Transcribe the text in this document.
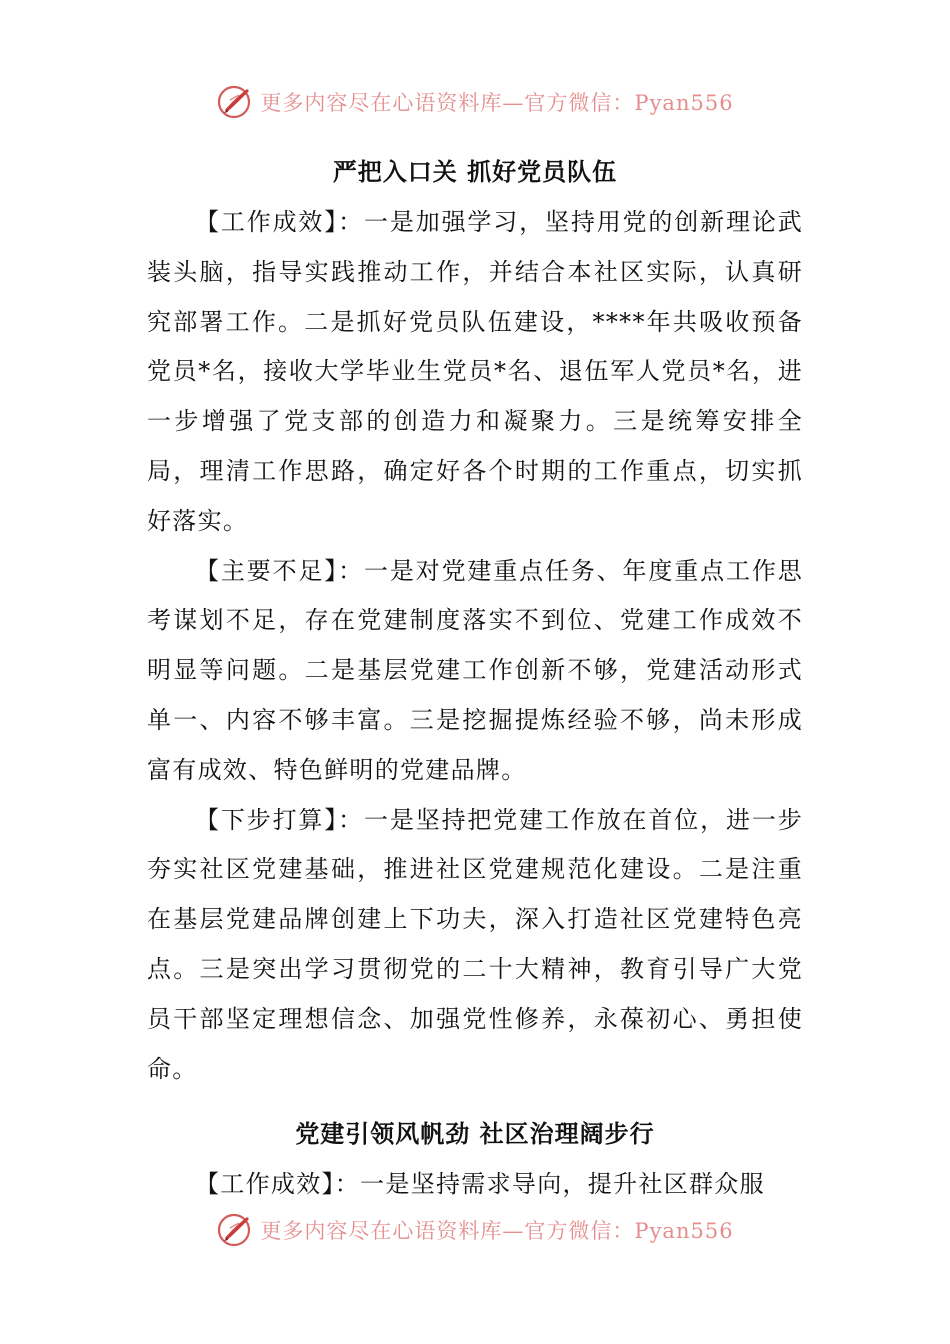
更多内容尽在心语资料库—官方微信：Pyan556
严把入口关 抓好党员队伍

【工作成效】：一是加强学习，坚持用党的创新理论武装头脑，指导实践推动工作，并结合本社区实际，认真研究部署工作。二是抓好党员队伍建设，****年共吸收预备党员*名，接收大学毕业生党员*名、退伍军人党员*名，进一步增强了党支部的创造力和凝聚力。三是统筹安排全局，理清工作思路，确定好各个时期的工作重点，切实抓好落实。

【主要不足】：一是对党建重点任务、年度重点工作思考谋划不足，存在党建制度落实不到位、党建工作成效不明显等问题。二是基层党建工作创新不够，党建活动形式单一、内容不够丰富。三是挖掘提炼经验不够，尚未形成富有成效、特色鲜明的党建品牌。

【下步打算】：一是坚持把党建工作放在首位，进一步夯实社区党建基础，推进社区党建规范化建设。二是注重在基层党建品牌创建上下功夫，深入打造社区党建特色亮点。三是突出学习贯彻党的二十大精神，教育引导广大党员干部坚定理想信念、加强党性修养，永葆初心、勇担使命。

党建引领风帆劲 社区治理阔步行

【工作成效】：一是坚持需求导向，提升社区群众服

更多内容尽在心语资料库—官方微信：Pyan556
